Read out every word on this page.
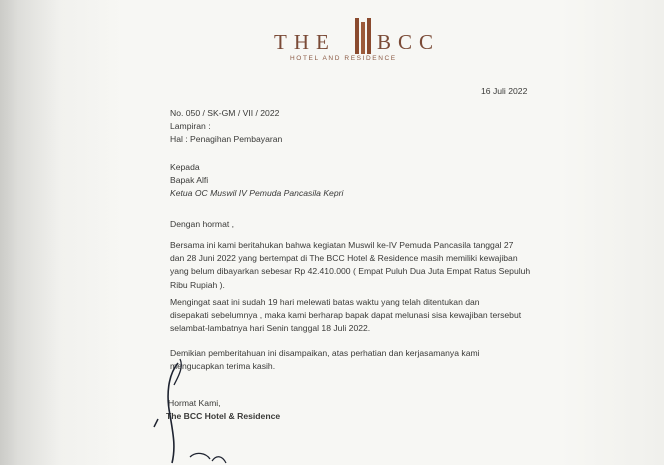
THE BCC
HOTEL AND RESIDENCE
16 Juli 2022
No. 050 / SK-GM / VII / 2022
Lampiran :
Hal : Penagihan Pembayaran
Kepada
Bapak Alfi
Ketua OC Muswil IV Pemuda Pancasila Kepri
Dengan hormat ,
Bersama ini kami beritahukan bahwa kegiatan Muswil ke-IV Pemuda Pancasila tanggal 27
dan 28 Juni 2022 yang bertempat di The BCC Hotel & Residence masih memiliki kewajiban
yang belum dibayarkan sebesar Rp 42.410.000 ( Empat Puluh Dua Juta Empat Ratus Sepuluh
Ribu Rupiah ).
Mengingat saat ini sudah 19 hari melewati batas waktu yang telah ditentukan dan
disepakati sebelumnya , maka kami berharap bapak dapat melunasi sisa kewajiban tersebut
selambat-lambatnya hari Senin tanggal 18 Juli 2022.
Demikian pemberitahuan ini disampaikan, atas perhatian dan kerjasamanya kami
mengucapkan terima kasih.
Hormat Kami,
The BCC Hotel & Residence
